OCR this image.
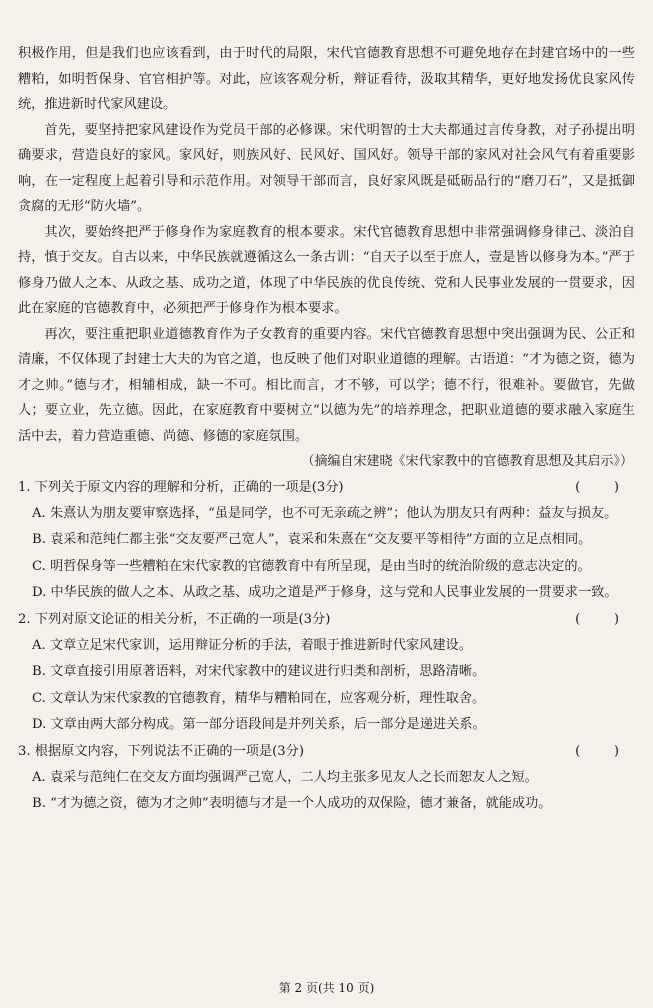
积极作用，但是我们也应该看到，由于时代的局限，宋代官德教育思想不可避免地存在封建官场中的一些糟粕，如明哲保身、官官相护等。对此，应该客观分析，辩证看待，汲取其精华，更好地发扬优良家风传统，推进新时代家风建设。

首先，要坚持把家风建设作为党员干部的必修课。宋代明智的士大夫都通过言传身教，对子孙提出明确要求，营造良好的家风。家风好，则族风好、民风好、国风好。领导干部的家风对社会风气有着重要影响，在一定程度上起着引导和示范作用。对领导干部而言，良好家风既是砥砺品行的“磨刀石”，又是抵御贪腐的无形“防火墙”。

其次，要始终把严于修身作为家庭教育的根本要求。宋代官德教育思想中非常强调修身律己、淡泊自持，慎于交友。自古以来，中华民族就遵循这么一条古训：“自天子以至于庶人，壹是皆以修身为本。”严于修身乃做人之本、从政之基、成功之道，体现了中华民族的优良传统、党和人民事业发展的一贯要求，因此在家庭的官德教育中，必须把严于修身作为根本要求。

再次，要注重把职业道德教育作为子女教育的重要内容。宋代官德教育思想中突出强调为民、公正和清廉，不仅体现了封建士大夫的为官之道，也反映了他们对职业道德的理解。古语道：“才为德之资，德为才之帅。”德与才，相辅相成，缺一不可。相比而言，才不够，可以学；德不行，很难补。要做官，先做人；要立业，先立德。因此，在家庭教育中要树立“以德为先”的培养理念，把职业道德的要求融入家庭生活中去，着力营造重德、尚德、修德的家庭氛围。

（摘编自宋建晓《宋代家教中的官德教育思想及其启示》）

1. 下列关于原文内容的理解和分析，正确的一项是(3分)	(        )

A. 朱熹认为朋友要审察选择，“虽是同学，也不可无亲疏之辨”；他认为朋友只有两种：益友与损友。

B. 袁采和范纯仁都主张“交友要严己宽人”，袁采和朱熹在“交友要平等相待”方面的立足点相同。

C. 明哲保身等一些糟粕在宋代家教的官德教育中有所呈现，是由当时的统治阶级的意志决定的。

D. 中华民族的做人之本、从政之基、成功之道是严于修身，这与党和人民事业发展的一贯要求一致。

2. 下列对原文论证的相关分析，不正确的一项是(3分)	(        )

A. 文章立足宋代家训，运用辩证分析的手法，着眼于推进新时代家风建设。

B. 文章直接引用原著语料，对宋代家教中的建议进行归类和剖析，思路清晰。

C. 文章认为宋代家教的官德教育，精华与糟粕同在，应客观分析，理性取舍。

D. 文章由两大部分构成。第一部分语段间是并列关系，后一部分是递进关系。

3. 根据原文内容，下列说法不正确的一项是(3分)	(        )

A. 袁采与范纯仁在交友方面均强调严己宽人，二人均主张多见友人之长而恕友人之短。

B. “才为德之资，德为才之帅”表明德与才是一个人成功的双保险，德才兼备，就能成功。

第 2 页(共 10 页)
